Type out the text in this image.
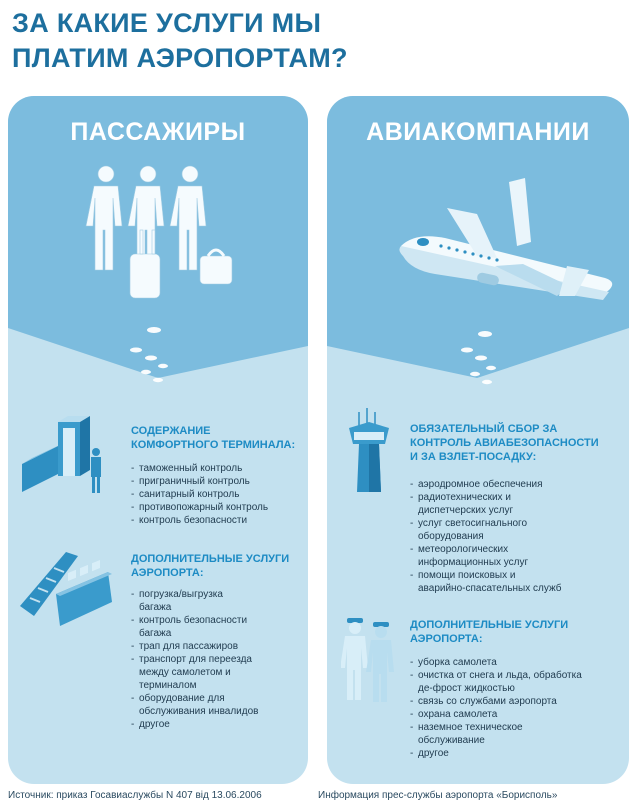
ЗА КАКИЕ УСЛУГИ МЫ
ПЛАТИМ АЭРОПОРТАМ?
ПАССАЖИРЫ
СОДЕРЖАНИЕ
КОМФОРТНОГО ТЕРМИНАЛА:
- таможенный контроль
- пригpаничный контроль
- санитарный контроль
- противопожарный контроль
- контроль безопасности
ДОПОЛНИТЕЛЬНЫЕ УСЛУГИ
АЭРОПОРТА:
- погрузка/выгрузка
багажа
- контроль безопасности
багажа
- трап для пассажиров
- транспорт для переезда
между самолетом и
терминалом
- оборудование для
обслуживания инвалидов
- другое
АВИАКОМПАНИИ
ОБЯЗАТЕЛЬНЫЙ СБОР ЗА
КОНТРОЛЬ АВИАБЕЗОПАСНОСТИ
И ЗА ВЗЛЕТ-ПОСАДКУ:
- аэродромное обеспечения
- радиотехнических и
диспетчерских услуг
- услуг светосигнального
оборудования
- метеорологических
информационных услуг
- помощи поисковых и
аварийно-спасательных служб
ДОПОЛНИТЕЛЬНЫЕ УСЛУГИ
АЭРОПОРТА:
- уборка самолета
- очистка от снега и льда, обработка
де-фрост жидкостью
- связь со службами аэропорта
- охрана самолета
- наземное техническое
обслуживание
- другое
Источник: приказ Госавиаслужбы N 407 від 13.06.2006	Информация прес-службы аэропорта «Борисполь»
